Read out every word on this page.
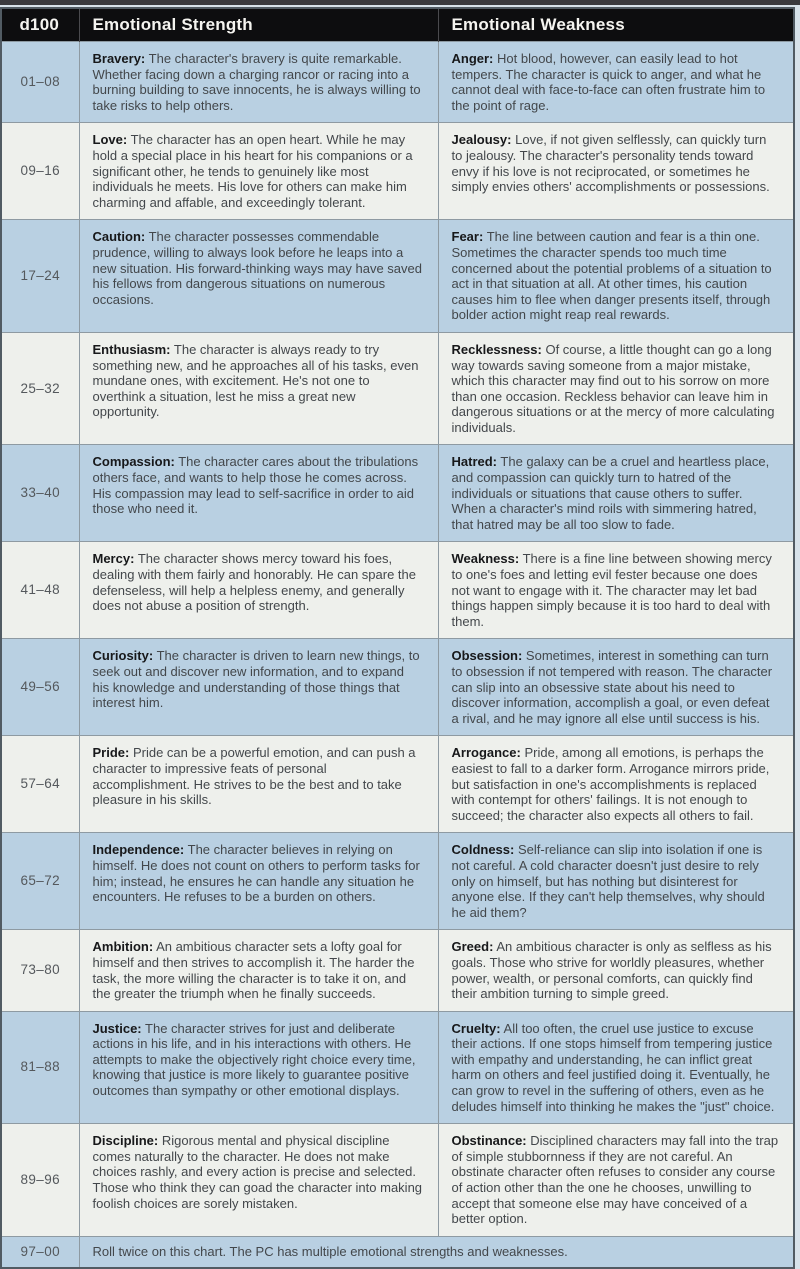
d100	Emotional Strength	Emotional Weakness
01–08	Bravery: The character's bravery is quite remarkable. Whether facing down a charging rancor or racing into a burning building to save innocents, he is always willing to take risks to help others.	Anger: Hot blood, however, can easily lead to hot tempers. The character is quick to anger, and what he cannot deal with face-to-face can often frustrate him to the point of rage.
09–16	Love: The character has an open heart. While he may hold a special place in his heart for his companions or a significant other, he tends to genuinely like most individuals he meets. His love for others can make him charming and affable, and exceedingly tolerant.	Jealousy: Love, if not given selflessly, can quickly turn to jealousy. The character's personality tends toward envy if his love is not reciprocated, or sometimes he simply envies others' accomplishments or possessions.
17–24	Caution: The character possesses commendable prudence, willing to always look before he leaps into a new situation. His forward-thinking ways may have saved his fellows from dangerous situations on numerous occasions.	Fear: The line between caution and fear is a thin one. Sometimes the character spends too much time concerned about the potential problems of a situation to act in that situation at all. At other times, his caution causes him to flee when danger presents itself, through bolder action might reap real rewards.
25–32	Enthusiasm: The character is always ready to try something new, and he approaches all of his tasks, even mundane ones, with excitement. He's not one to overthink a situation, lest he miss a great new opportunity.	Recklessness: Of course, a little thought can go a long way towards saving someone from a major mistake, which this character may find out to his sorrow on more than one occasion. Reckless behavior can leave him in dangerous situations or at the mercy of more calculating individuals.
33–40	Compassion: The character cares about the tribulations others face, and wants to help those he comes across. His compassion may lead to self-sacrifice in order to aid those who need it.	Hatred: The galaxy can be a cruel and heartless place, and compassion can quickly turn to hatred of the individuals or situations that cause others to suffer. When a character's mind roils with simmering hatred, that hatred may be all too slow to fade.
41–48	Mercy: The character shows mercy toward his foes, dealing with them fairly and honorably. He can spare the defenseless, will help a helpless enemy, and generally does not abuse a position of strength.	Weakness: There is a fine line between showing mercy to one's foes and letting evil fester because one does not want to engage with it. The character may let bad things happen simply because it is too hard to deal with them.
49–56	Curiosity: The character is driven to learn new things, to seek out and discover new information, and to expand his knowledge and understanding of those things that interest him.	Obsession: Sometimes, interest in something can turn to obsession if not tempered with reason. The character can slip into an obsessive state about his need to discover information, accomplish a goal, or even defeat a rival, and he may ignore all else until success is his.
57–64	Pride: Pride can be a powerful emotion, and can push a character to impressive feats of personal accomplishment. He strives to be the best and to take pleasure in his skills.	Arrogance: Pride, among all emotions, is perhaps the easiest to fall to a darker form. Arrogance mirrors pride, but satisfaction in one's accomplishments is replaced with contempt for others' failings. It is not enough to succeed; the character also expects all others to fail.
65–72	Independence: The character believes in relying on himself. He does not count on others to perform tasks for him; instead, he ensures he can handle any situation he encounters. He refuses to be a burden on others.	Coldness: Self-reliance can slip into isolation if one is not careful. A cold character doesn't just desire to rely only on himself, but has nothing but disinterest for anyone else. If they can't help themselves, why should he aid them?
73–80	Ambition: An ambitious character sets a lofty goal for himself and then strives to accomplish it. The harder the task, the more willing the character is to take it on, and the greater the triumph when he finally succeeds.	Greed: An ambitious character is only as selfless as his goals. Those who strive for worldly pleasures, whether power, wealth, or personal comforts, can quickly find their ambition turning to simple greed.
81–88	Justice: The character strives for just and deliberate actions in his life, and in his interactions with others. He attempts to make the objectively right choice every time, knowing that justice is more likely to guarantee positive outcomes than sympathy or other emotional displays.	Cruelty: All too often, the cruel use justice to excuse their actions. If one stops himself from tempering justice with empathy and understanding, he can inflict great harm on others and feel justified doing it. Eventually, he can grow to revel in the suffering of others, even as he deludes himself into thinking he makes the "just" choice.
89–96	Discipline: Rigorous mental and physical discipline comes naturally to the character. He does not make choices rashly, and every action is precise and selected. Those who think they can goad the character into making foolish choices are sorely mistaken.	Obstinance: Disciplined characters may fall into the trap of simple stubbornness if they are not careful. An obstinate character often refuses to consider any course of action other than the one he chooses, unwilling to accept that someone else may have conceived of a better option.
97–00	Roll twice on this chart. The PC has multiple emotional strengths and weaknesses.	
